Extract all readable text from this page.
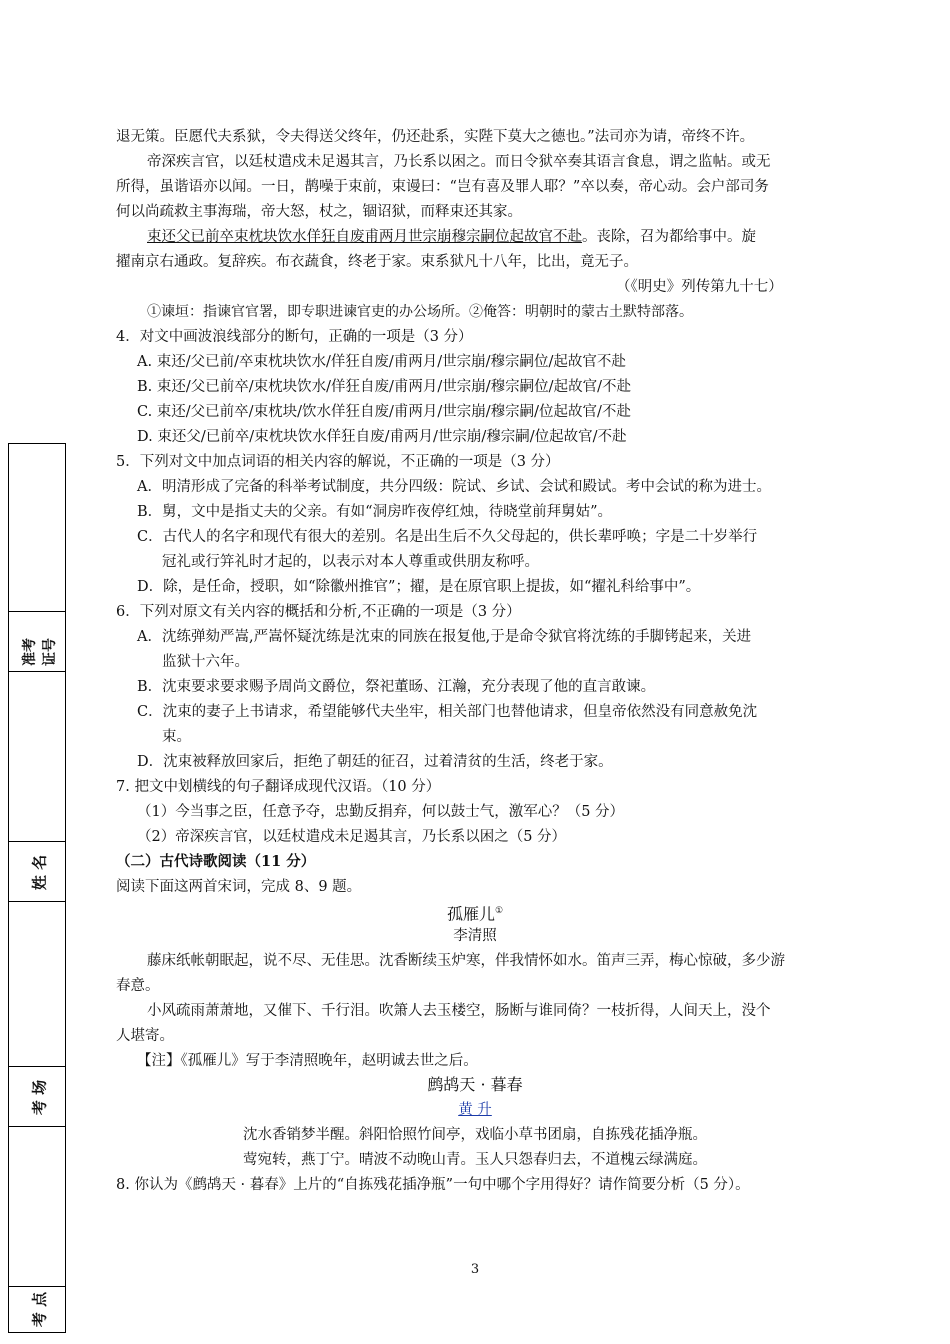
退无策。臣愿代夫系狱，令夫得送父终年，仍还赴系，实陛下莫大之德也。”法司亦为请，帝终不许。
帝深疾言官，以廷杖遣戍未足遏其言，乃长系以困之。而日令狱卒奏其语言食息，谓之监帖。或无
所得，虽谐语亦以闻。一日，鹊噪于束前，束谩曰：“岂有喜及罪人耶？”卒以奏，帝心动。会户部司务
何以尚疏救主事海瑞，帝大怒，杖之，锢诏狱，而释束还其家。
束还父已前卒束枕块饮水佯狂自废甫两月世宗崩穆宗嗣位起故官不赴。丧除，召为都给事中。旋
擢南京右通政。复辞疾。布衣蔬食，终老于家。束系狱凡十八年，比出，竟无子。
（《明史》列传第九十七）
①谏垣：指谏官官署，即专职进谏官吏的办公场所。②俺答：明朝时的蒙古土默特部落。
4．对文中画波浪线部分的断句，正确的一项是（3 分）
A. 束还/父已前/卒束枕块饮水/佯狂自废/甫两月/世宗崩/穆宗嗣位/起故官不赴
B. 束还/父已前卒/束枕块饮水/佯狂自废/甫两月/世宗崩/穆宗嗣位/起故官/不赴
C. 束还/父已前卒/束枕块/饮水佯狂自废/甫两月/世宗崩/穆宗嗣/位起故官/不赴
D. 束还父/已前卒/束枕块饮水佯狂自废/甫两月/世宗崩/穆宗嗣/位起故官/不赴
5．下列对文中加点词语的相关内容的解说，不正确的一项是（3 分）
A．明清形成了完备的科举考试制度，共分四级：院试、乡试、会试和殿试。考中会试的称为进士。
B．舅，文中是指丈夫的父亲。有如“洞房昨夜停红烛，待晓堂前拜舅姑”。
C．古代人的名字和现代有很大的差别。名是出生后不久父母起的，供长辈呼唤；字是二十岁举行
冠礼或行笄礼时才起的，以表示对本人尊重或供朋友称呼。
D．除，是任命，授职，如“除徽州推官”；擢，是在原官职上提拔，如“擢礼科给事中”。
6．下列对原文有关内容的概括和分析,不正确的一项是（3 分）
A．沈练弹劾严嵩,严嵩怀疑沈练是沈束的同族在报复他,于是命令狱官将沈练的手脚铐起来，关进
监狱十六年。
B．沈束要求要求赐予周尚文爵位，祭祀董旸、江瀚，充分表现了他的直言敢谏。
C．沈束的妻子上书请求，希望能够代夫坐牢，相关部门也替他请求，但皇帝依然没有同意赦免沈
束。
D．沈束被释放回家后，拒绝了朝廷的征召，过着清贫的生活，终老于家。
7. 把文中划横线的句子翻译成现代汉语。（10 分）
（1）今当事之臣，任意予夺，忠勤反捐弃，何以鼓士气，激军心？（5 分）
（2）帝深疾言官，以廷杖遣戍未足遏其言，乃长系以困之（5 分）
（二）古代诗歌阅读（11 分）
阅读下面这两首宋词，完成 8、9 题。
孤雁儿①
李清照
藤床纸帐朝眠起，说不尽、无佳思。沈香断续玉炉寒，伴我情怀如水。笛声三弄，梅心惊破，多少游
春意。
小风疏雨萧萧地，又催下、千行泪。吹箫人去玉楼空，肠断与谁同倚？一枝折得，人间天上，没个
人堪寄。
【注】《孤雁儿》写于李清照晚年，赵明诚去世之后。
鹧鸪天 · 暮春
黄 升
沈水香销梦半醒。斜阳恰照竹间亭，戏临小草书团扇，自拣残花插净瓶。
莺宛转，燕丁宁。晴波不动晚山青。玉人只怨春归去，不道槐云绿满庭。
8. 你认为《鹧鸪天 · 暮春》上片的“自拣残花插净瓶”一句中哪个字用得好？请作简要分析（5 分）。
3
准考证号
姓 名
考 场
考 点
